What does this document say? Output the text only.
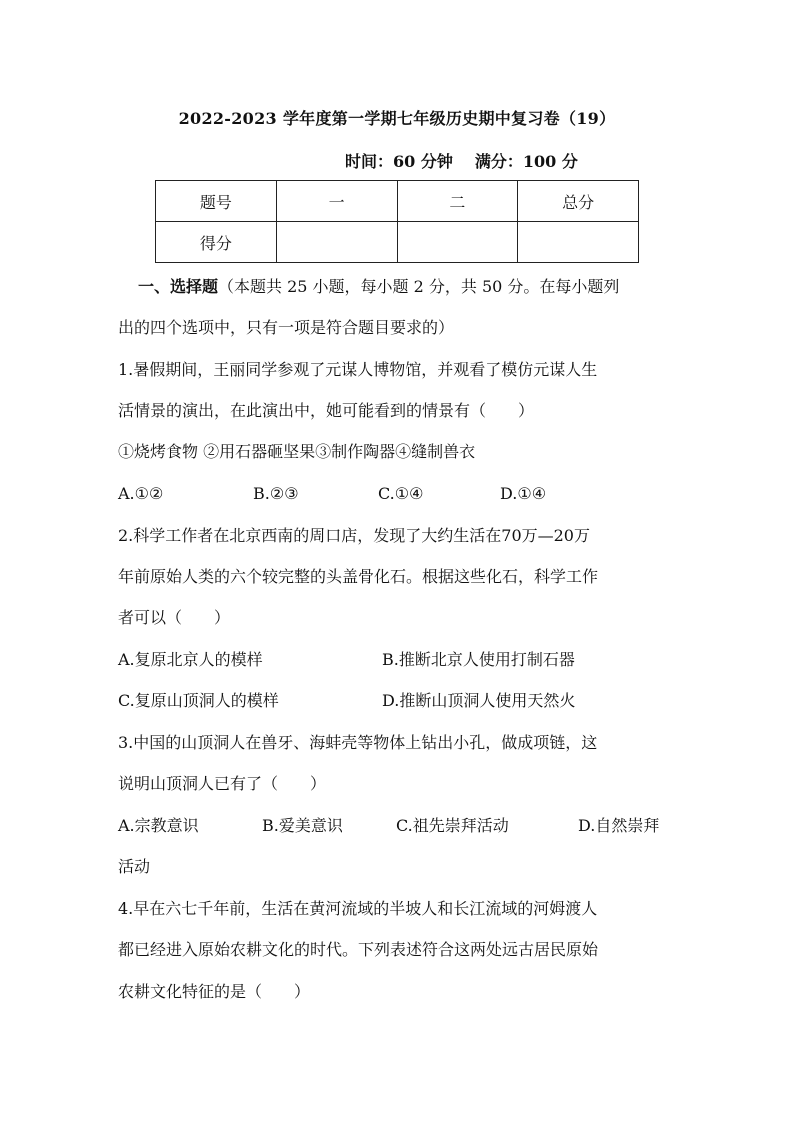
2022-2023 学年度第一学期七年级历史期中复习卷（19）
时间：60 分钟 满分：100 分
题号	一	二	总分
得分			
一、选择题（本题共 25 小题，每小题 2 分，共 50 分。在每小题列
出的四个选项中，只有一项是符合题目要求的）
1.暑假期间，王丽同学参观了元谋人博物馆，并观看了模仿元谋人生
活情景的演出，在此演出中，她可能看到的情景有（　　）
①烧烤食物 ②用石器砸坚果③制作陶器④缝制兽衣
A.①②	B.②③	C.①④	D.①④
2.科学工作者在北京西南的周口店，发现了大约生活在70万—20万
年前原始人类的六个较完整的头盖骨化石。根据这些化石，科学工作
者可以（　　）
A.复原北京人的模样	B.推断北京人使用打制石器
C.复原山顶洞人的模样	D.推断山顶洞人使用天然火
3.中国的山顶洞人在兽牙、海蚌壳等物体上钻出小孔，做成项链，这
说明山顶洞人已有了（　　）
A.宗教意识	B.爱美意识	C.祖先崇拜活动	D.自然崇拜
活动
4.早在六七千年前，生活在黄河流域的半坡人和长江流域的河姆渡人
都已经进入原始农耕文化的时代。下列表述符合这两处远古居民原始
农耕文化特征的是（　　）
